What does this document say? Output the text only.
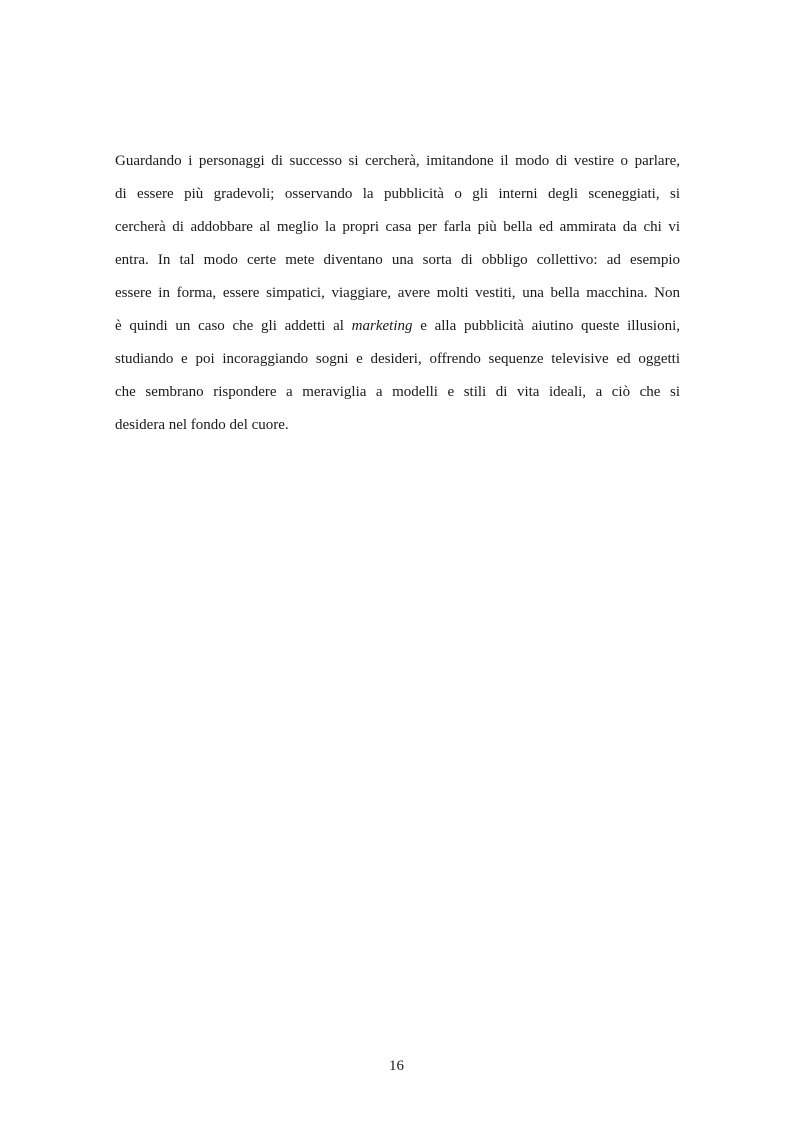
Guardando i personaggi di successo si cercherà, imitandone il modo di vestire o parlare,
di essere più gradevoli; osservando la pubblicità o gli interni degli sceneggiati, si
cercherà di addobbare al meglio la propri casa per farla più bella ed ammirata da chi vi
entra. In tal modo certe mete diventano una sorta di obbligo collettivo: ad esempio
essere in forma, essere simpatici, viaggiare, avere molti vestiti, una bella macchina. Non
è quindi un caso che gli addetti al marketing e alla pubblicità aiutino queste illusioni,
studiando e poi incoraggiando sogni e desideri, offrendo sequenze televisive ed oggetti
che sembrano rispondere a meraviglia a modelli e stili di vita ideali, a ciò che si
desidera nel fondo del cuore.

16
